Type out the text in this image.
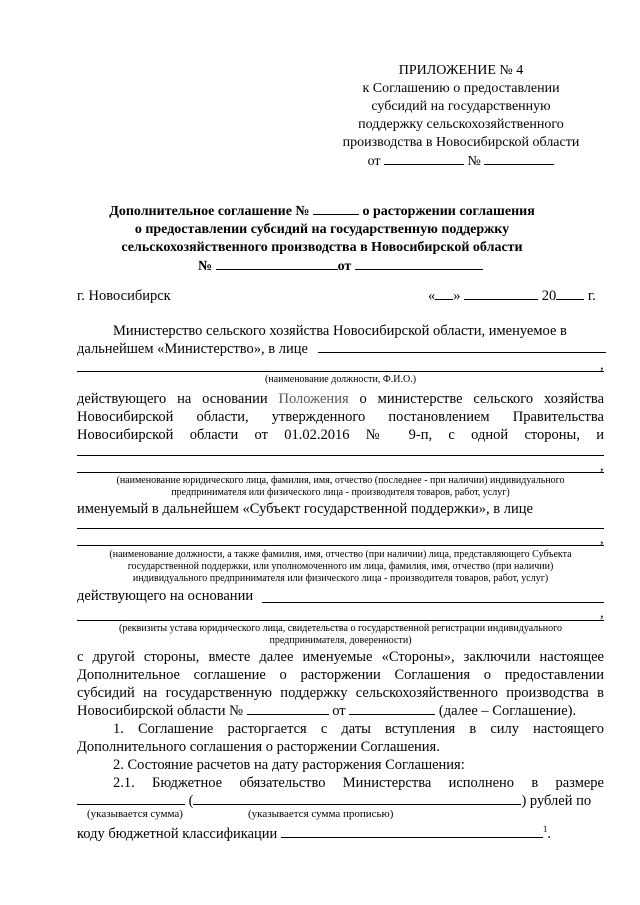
ПРИЛОЖЕНИЕ № 4
к Соглашению о предоставлении
субсидий на государственную
поддержку сельскохозяйственного
производства в Новосибирской области
от	№
Дополнительное соглашение №	о расторжении соглашения
о предоставлении субсидий на государственную поддержку
сельскохозяйственного производства в Новосибирской области
№	от
г. Новосибирск	« »	20 г.
Министерство сельского хозяйства Новосибирской области, именуемое в
дальнейшем «Министерство», в лице
,
(наименование должности, Ф.И.О.)
действующего на основании Положения о министерстве сельского хозяйства
Новосибирской области, утвержденного постановлением Правительства
Новосибирской области от 01.02.2016 № 9-п, с одной стороны, и
,
(наименование юридического лица, фамилия, имя, отчество (последнее - при наличии) индивидуального
предпринимателя или физического лица - производителя товаров, работ, услуг)
именуемый в дальнейшем «Субъект государственной поддержки», в лице
,
(наименование должности, а также фамилия, имя, отчество (при наличии) лица, представляющего Субъекта
государственной поддержки, или уполномоченного им лица, фамилия, имя, отчество (при наличии)
индивидуального предпринимателя или физического лица - производителя товаров, работ, услуг)
действующего на основании
,
(реквизиты устава юридического лица, свидетельства о государственной регистрации индивидуального
предпринимателя, доверенности)
с другой стороны, вместе далее именуемые «Стороны», заключили настоящее
Дополнительное соглашение о расторжении Соглашения о предоставлении
субсидий на государственную поддержку сельскохозяйственного производства в
Новосибирской области №	от	(далее – Соглашение).
1. Соглашение расторгается с даты вступления в силу настоящего
Дополнительного соглашения о расторжении Соглашения.
2. Состояние расчетов на дату расторжения Соглашения:
2.1. Бюджетное обязательство Министерства исполнено в размере
(	) рублей по
(указывается сумма)	(указывается сумма прописью)
коду бюджетной классификации	$^1$.
